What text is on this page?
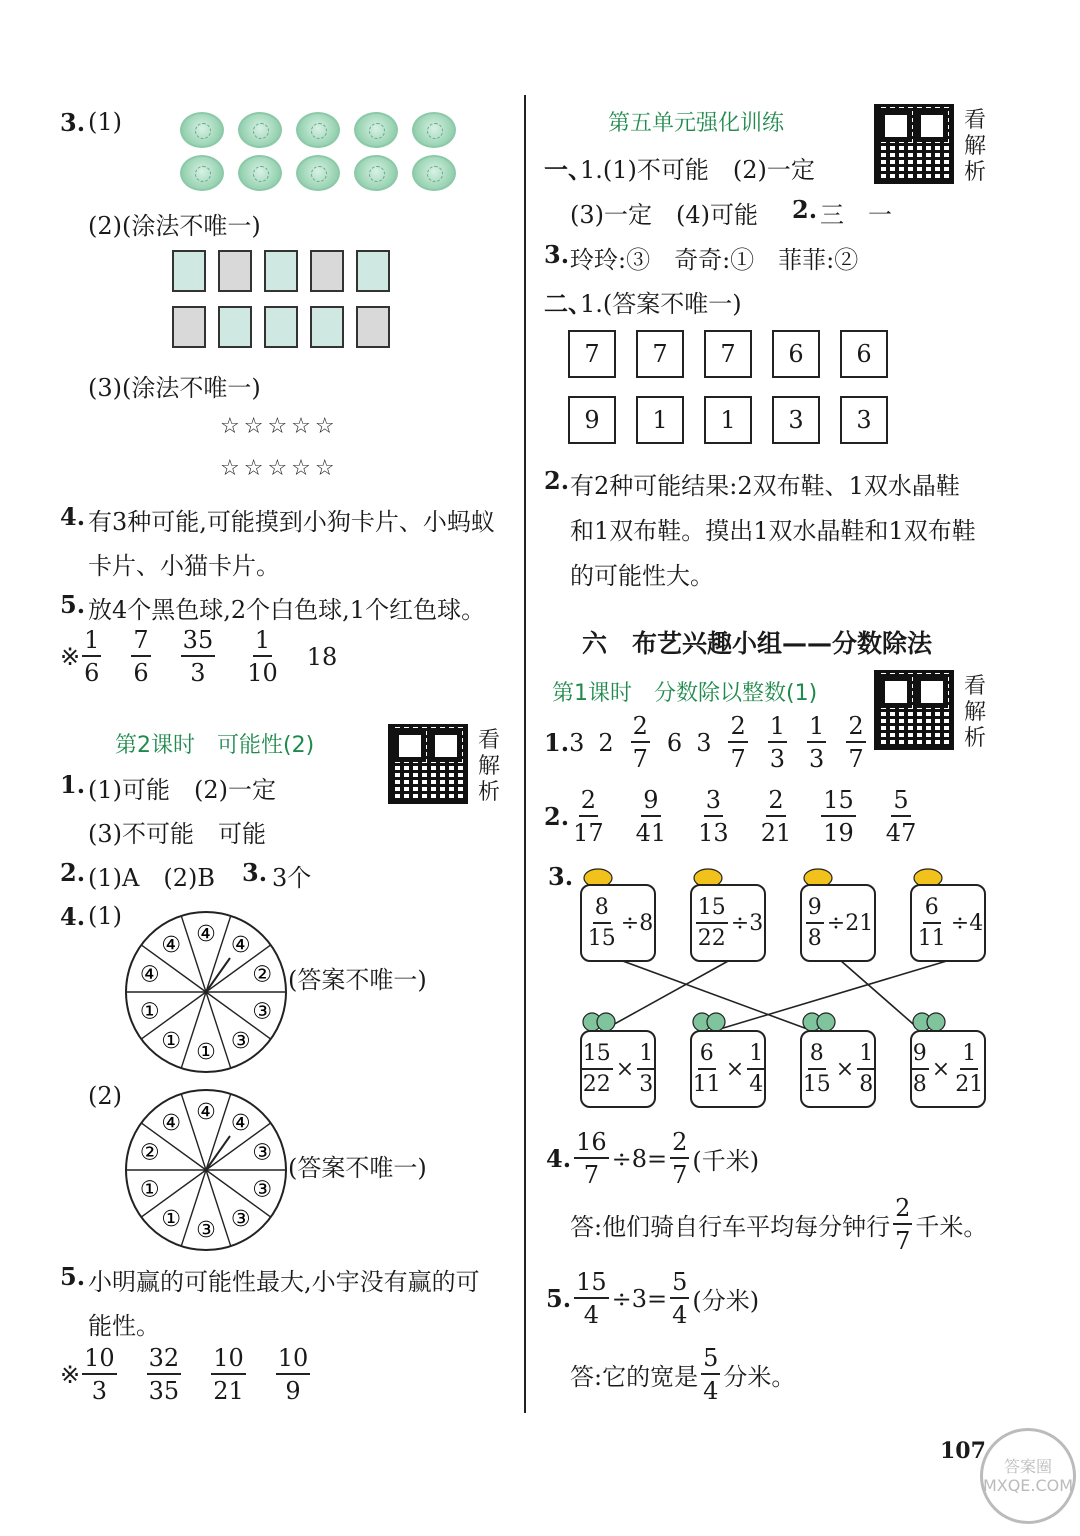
3. (1)
(2)(涂法不唯一)
(3)(涂法不唯一)
☆☆☆☆☆
☆☆☆☆☆
4. 有3种可能,可能摸到小狗卡片、小蚂蚁
卡片、小猫卡片。
5. 放4个黑色球,2个白色球,1个红色球。
※ $\frac{1}{6} \frac{7}{6} \frac{35}{3} \frac{1}{10} 18$
第2课时　可能性(2)	看解析
1. (1)可能　(2)一定
(3)不可能　可能
2. (1)A　(2)B 3. 3个
4. (1)
④ ④
②
③
③
①
①
①
④
④
(答案不唯一)
(2)
④ ④
③
③
③
③
①
①
②
④
(答案不唯一)
5. 小明赢的可能性最大,小宇没有赢的可
能性。
※ $\frac{10}{3} \frac{32}{35} \frac{10}{21} \frac{10}{9}$
第五单元强化训练	看解析
一、
1.(1)不可能　(2)一定
(3)一定　(4)可能 2. 三　一
3. 玲玲:③　奇奇:①　菲菲:②
二、
1.(答案不唯一)
7	7	7	6	6
9	1	1	3	3
2. 有2种可能结果:2双布鞋、1双水晶鞋
和1双布鞋。摸出1双水晶鞋和1双布鞋
的可能性大。
六　布艺兴趣小组——分数除法
第1课时　分数除以整数(1)	看解析
1. 3 $2 \frac{2}{7} 6$ $3 \frac{2}{7} \frac{1}{3} \frac{1}{3} \frac{2}{7}$
2. $\frac{2}{17} \frac{9}{41} \frac{3}{13} \frac{2}{21} \frac{15}{19} \frac{5}{47}$
3.
$\frac{8}{15} \div 8 \frac{15}{22} \div 3 \frac{9}{8} \div 21 \frac{6}{11} \div 4$
$\frac{15}{22} \times \frac{1}{3} \frac{6}{11} \times \frac{1}{4} \frac{8}{15} \times \frac{1}{8} \frac{9}{8} \times \frac{1}{21}$
4. $\frac{16}{7} \div 8= \frac{2}{7}$ (千米)
答:他们骑自行车平均每分钟行 $\frac{2}{7}$ 千米。
5. $\frac{15}{4} \div 3= \frac{5}{4}$ (分米)
答:它的宽是 $\frac{5}{4}$ 分米。
107
答案圈 MXQE.COM
